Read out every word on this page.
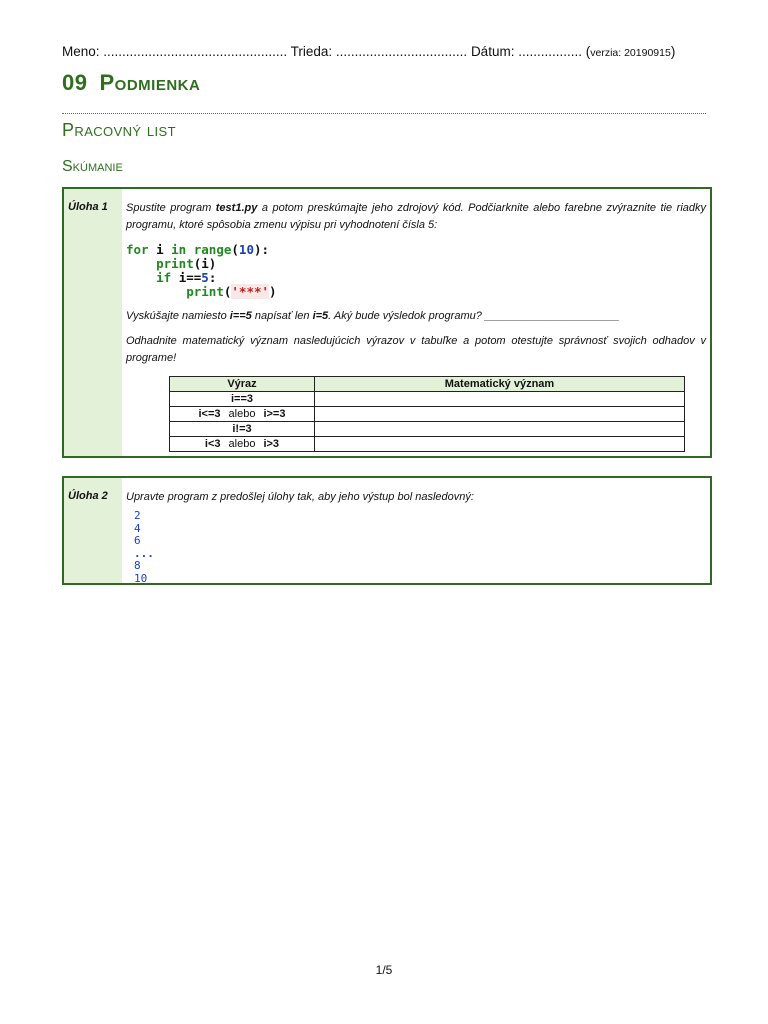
Meno: ................................................. Trieda: ................................... Dátum: ................. (verzia: 20190915)
09 Podmienka
Pracovný list
Skúmanie
Úloha 1 Spustite program test1.py a potom preskúmajte jeho zdrojový kód. Podčiarknite alebo farebne zvýraznite tie riadky programu, ktoré spôsobia zmenu výpisu pri vyhodnotení čísla 5:
for i in range(10):
print(i)
if i==5:
print('***')
Vyskúšajte namiesto i==5 napísať len i=5. Aký bude výsledok programu? ______________________
Odhadnite matematický význam nasledujúcich výrazov v tabuľke a potom otestujte správnosť svojich odhadov v programe!
Výraz	Matematický význam
i==3	
i<=3 alebo i>=3	
i!=3	
i<3 alebo i>3	
Úloha 2 Upravte program z predošlej úlohy tak, aby jeho výstup bol nasledovný:
2
4
6
...
8
10
1/5
